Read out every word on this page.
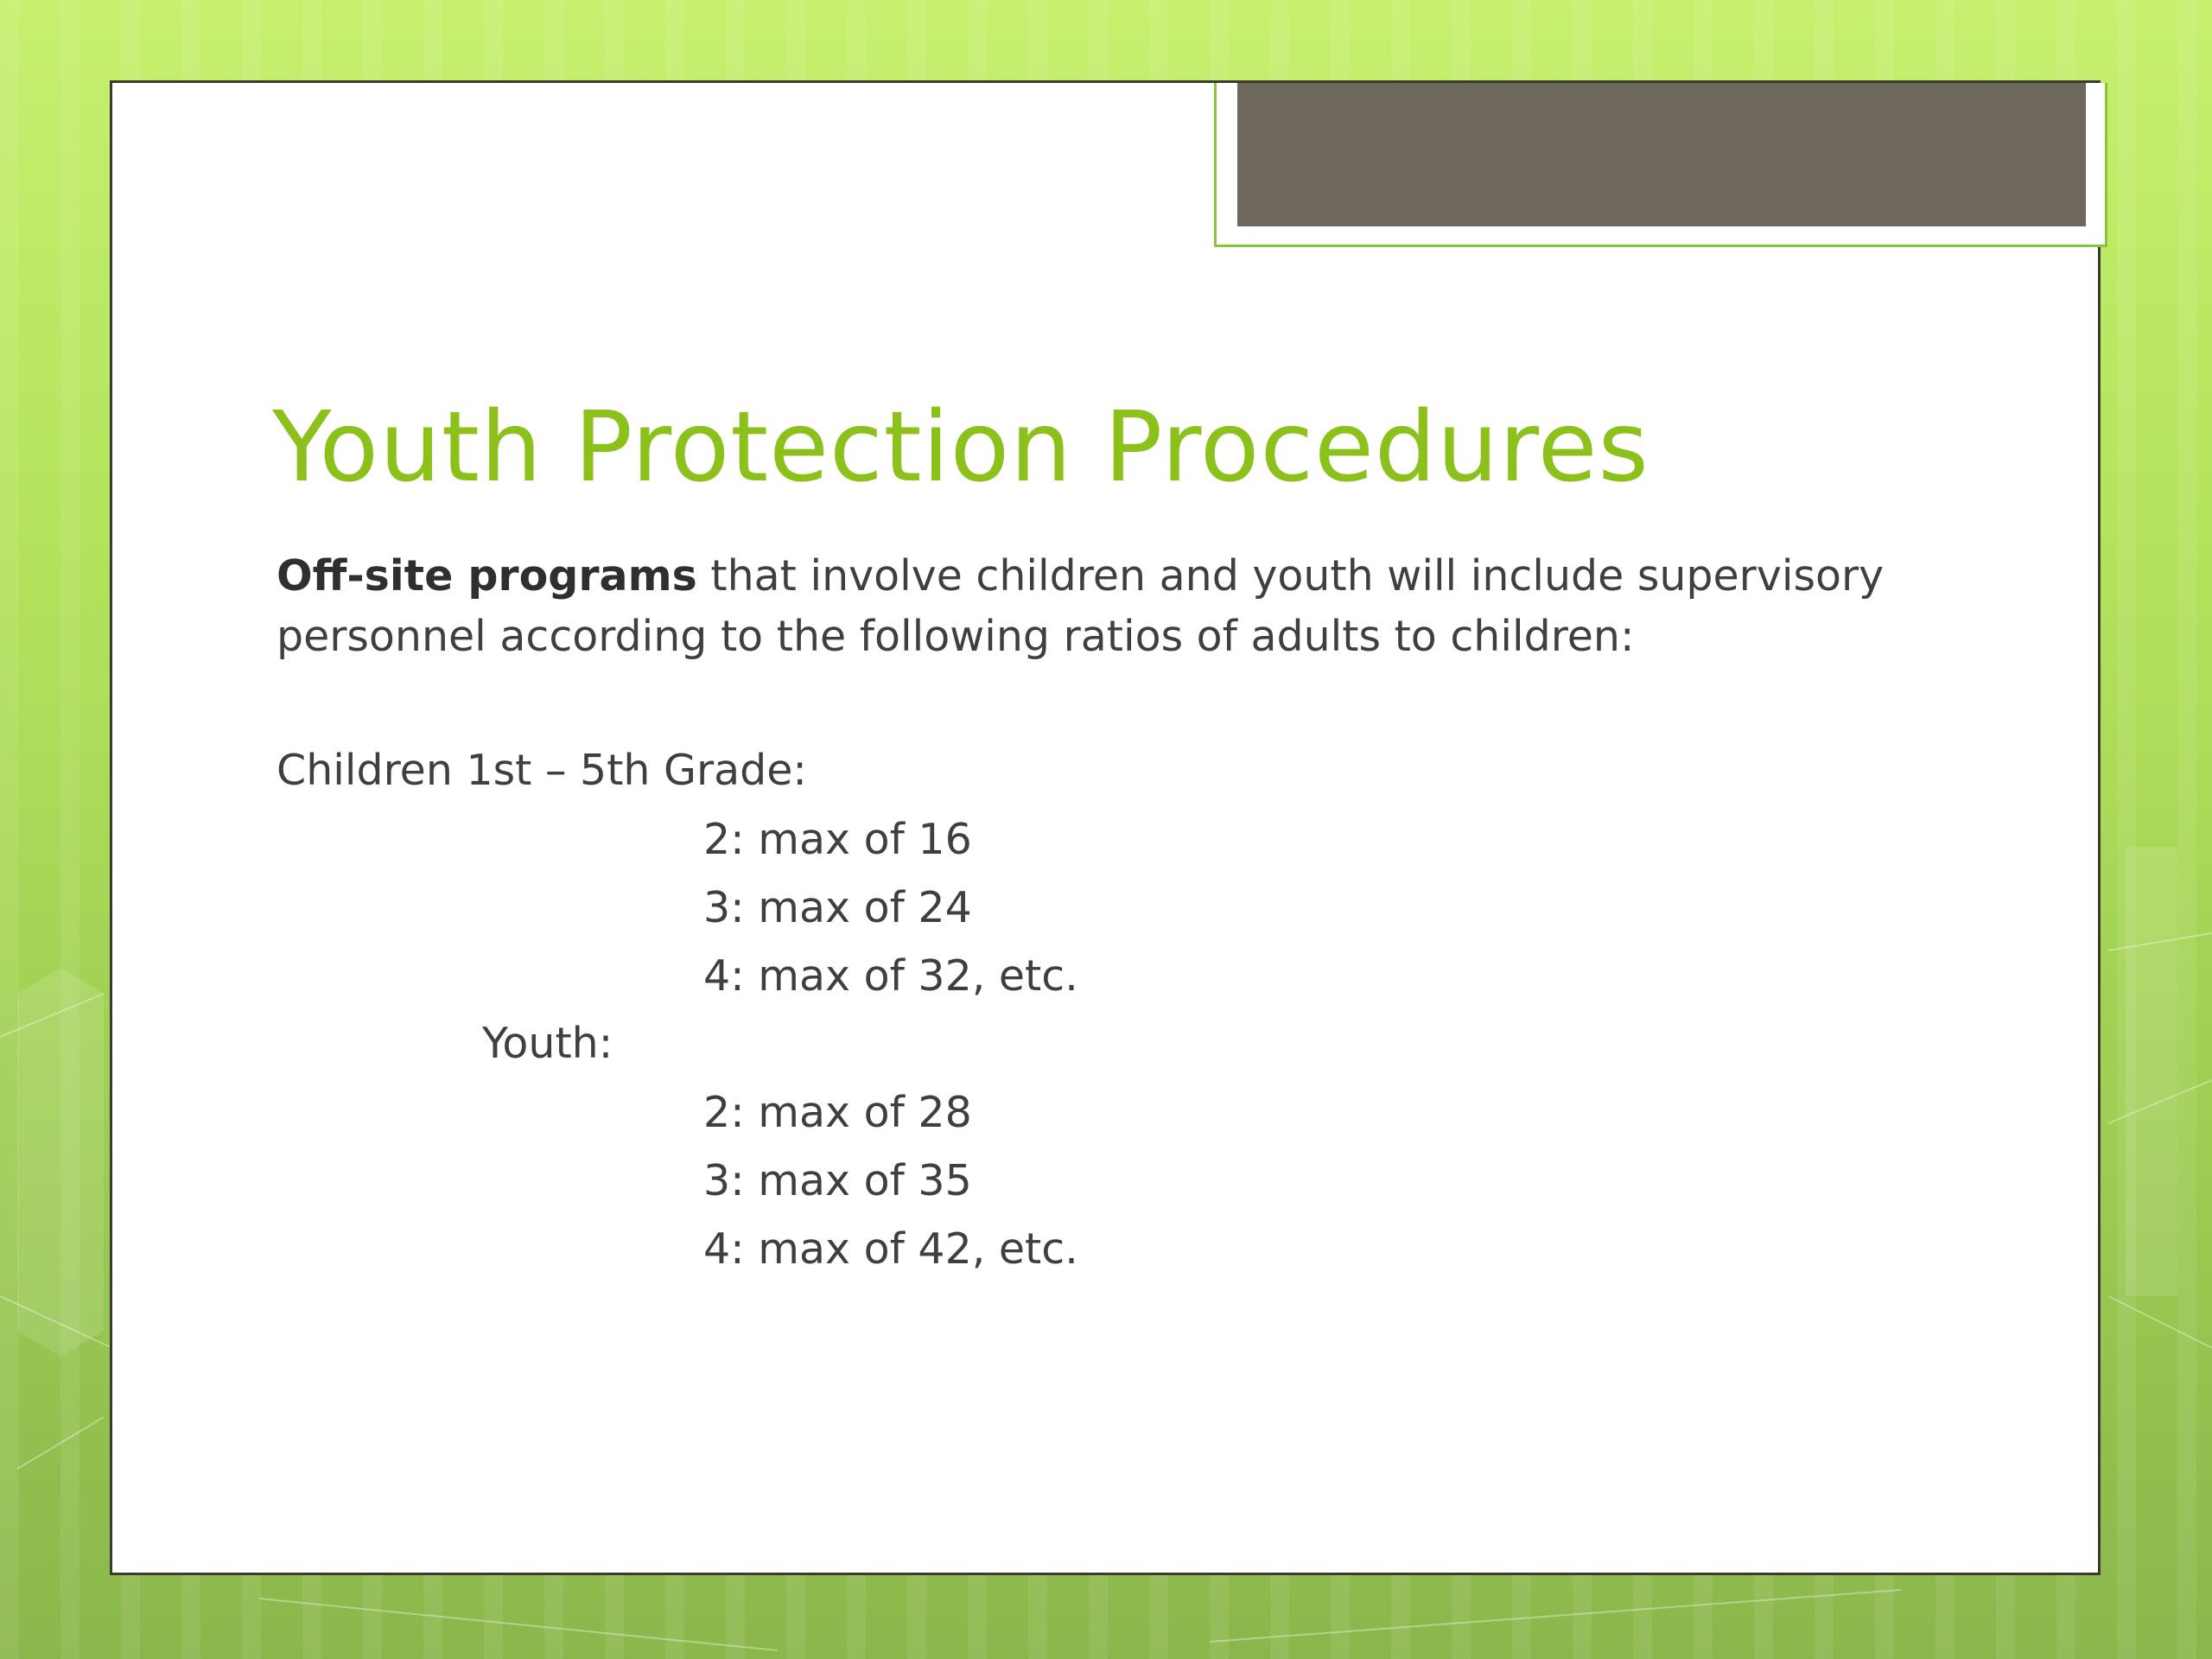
Youth Protection Procedures
Off-site programs that involve children and youth will include supervisory
personnel according to the following ratios of adults to children:
Children 1st – 5th Grade:
2: max of 16
3: max of 24
4: max of 32, etc.
Youth:
2: max of 28
3: max of 35
4: max of 42, etc.
